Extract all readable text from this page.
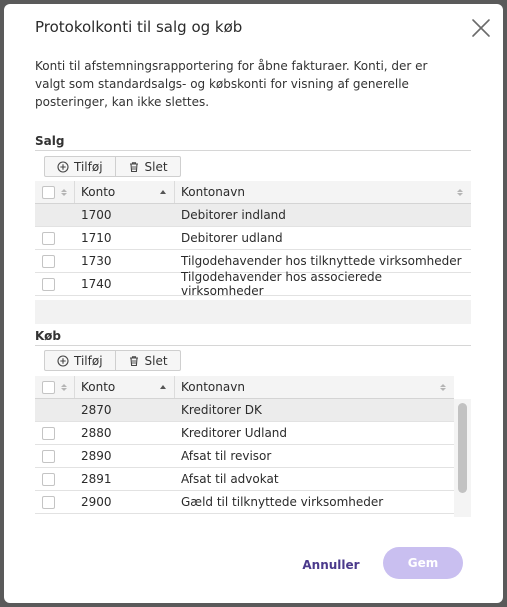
Protokolkonti til salg og køb
Konti til afstemningsrapportering for åbne fakturaer. Konti, der er valgt som standardsalgs- og købskonti for visning af generelle posteringer, kan ikke slettes.
Salg
Tilføj	Slet
Konto	Kontonavn
1700	Debitorer indland
1710	Debitorer udland
1730	Tilgodehavender hos tilknyttede virksomheder
1740	Tilgodehavender hos associerede virksomheder
Køb
Tilføj	Slet
Konto	Kontonavn
2870	Kreditorer DK
2880	Kreditorer Udland
2890	Afsat til revisor
2891	Afsat til advokat
2900	Gæld til tilknyttede virksomheder
Annuller	Gem
